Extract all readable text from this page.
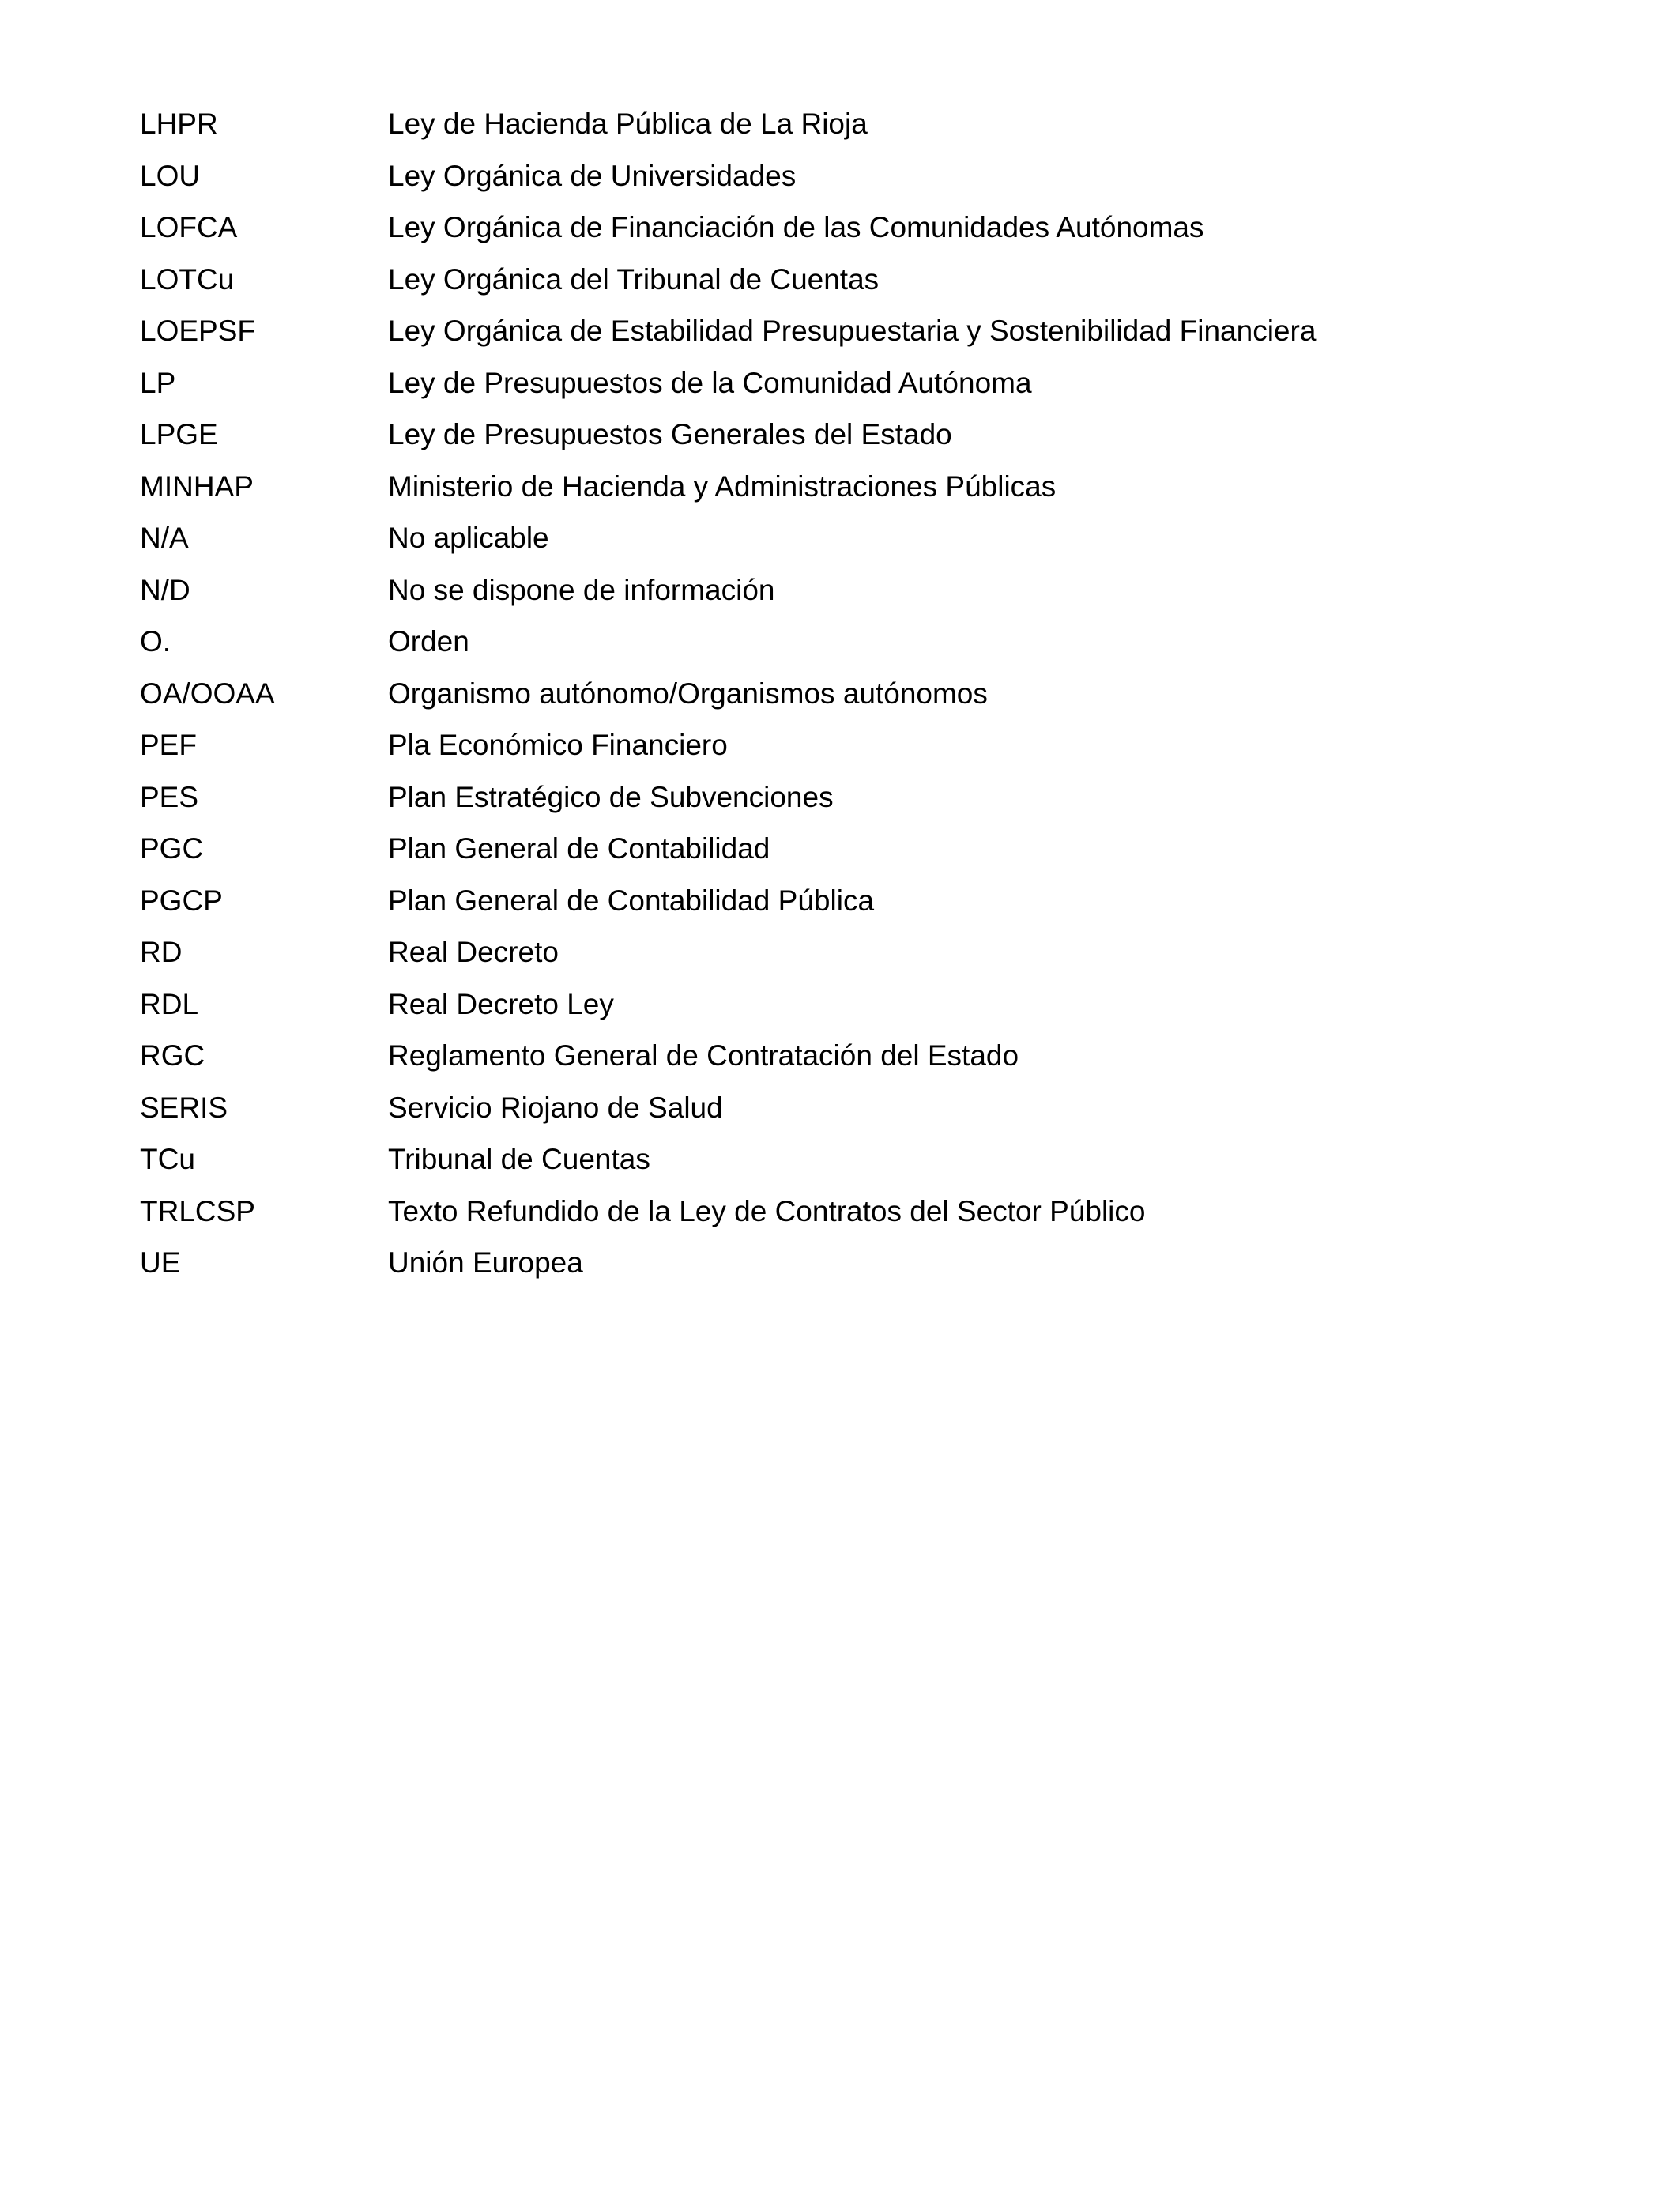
LHPR	Ley de Hacienda Pública de La Rioja
LOU	Ley Orgánica de Universidades
LOFCA	Ley Orgánica de Financiación de las Comunidades Autónomas
LOTCu	Ley Orgánica del Tribunal de Cuentas
LOEPSF	Ley Orgánica de Estabilidad Presupuestaria y Sostenibilidad Financiera
LP	Ley de Presupuestos de la Comunidad Autónoma
LPGE	Ley de Presupuestos Generales del Estado
MINHAP	Ministerio de Hacienda y Administraciones Públicas
N/A	No aplicable
N/D	No se dispone de información
O.	Orden
OA/OOAA	Organismo autónomo/Organismos autónomos
PEF	Pla Económico Financiero
PES	Plan Estratégico de Subvenciones
PGC	Plan General de Contabilidad
PGCP	Plan General de Contabilidad Pública
RD	Real Decreto
RDL	Real Decreto Ley
RGC	Reglamento General de Contratación del Estado
SERIS	Servicio Riojano de Salud
TCu	Tribunal de Cuentas
TRLCSP	Texto Refundido de la Ley de Contratos del Sector Público
UE	Unión Europea
